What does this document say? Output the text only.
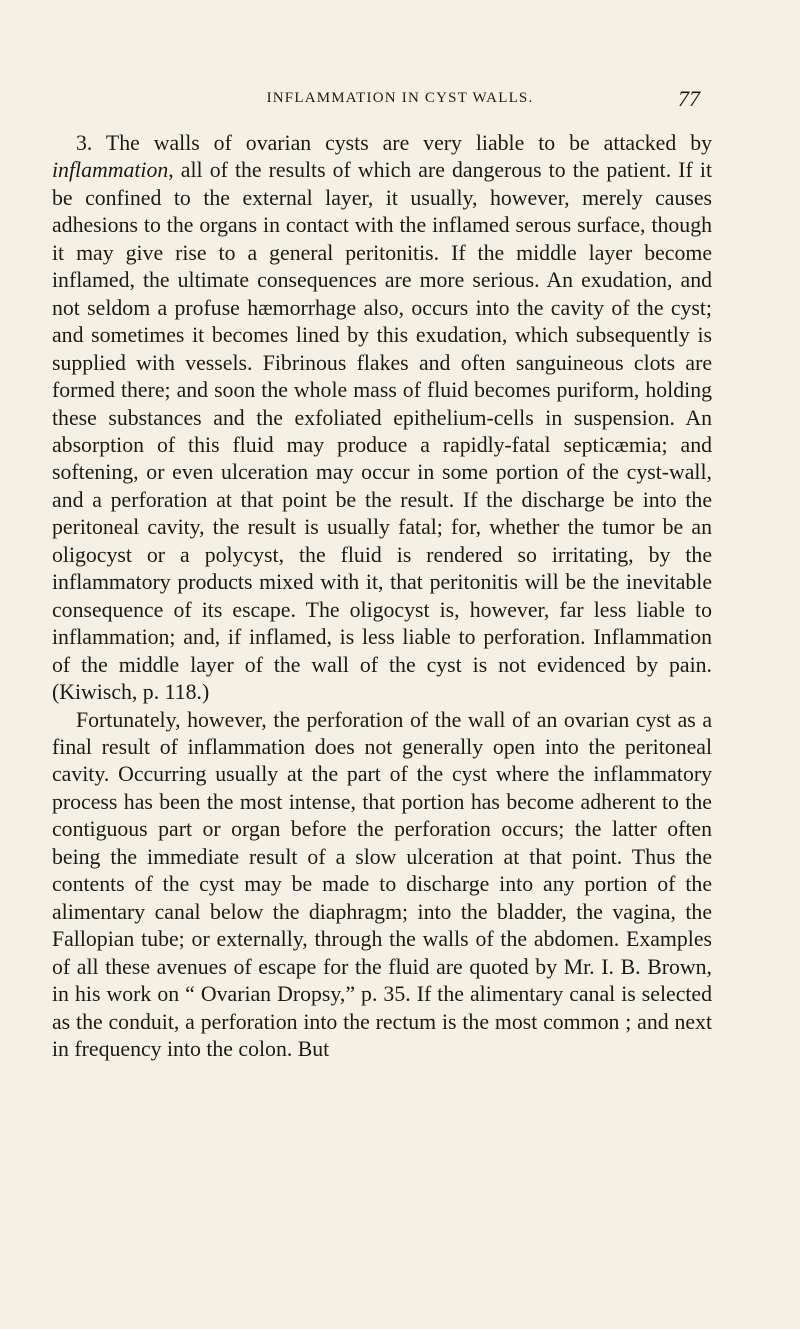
INFLAMMATION IN CYST WALLS.	77

3. The walls of ovarian cysts are very liable to be attacked by inflammation, all of the results of which are dangerous to the patient. If it be confined to the external layer, it usually, however, merely causes adhesions to the organs in contact with the inflamed serous surface, though it may give rise to a general peritonitis. If the middle layer become inflamed, the ultimate consequences are more serious. An exudation, and not seldom a profuse hæmorrhage also, occurs into the cavity of the cyst; and sometimes it becomes lined by this exudation, which subsequently is supplied with vessels. Fibrinous flakes and often sanguineous clots are formed there; and soon the whole mass of fluid becomes puriform, holding these substances and the exfoliated epithelium-cells in suspension. An absorption of this fluid may produce a rapidly-fatal septicæmia; and softening, or even ulceration may occur in some portion of the cyst-wall, and a perforation at that point be the result. If the discharge be into the peritoneal cavity, the result is usually fatal; for, whether the tumor be an oligocyst or a polycyst, the fluid is rendered so irritating, by the inflammatory products mixed with it, that peritonitis will be the inevitable consequence of its escape. The oligocyst is, however, far less liable to inflammation; and, if inflamed, is less liable to perforation. Inflammation of the middle layer of the wall of the cyst is not evidenced by pain. (Kiwisch, p. 118.)

Fortunately, however, the perforation of the wall of an ovarian cyst as a final result of inflammation does not generally open into the peritoneal cavity. Occurring usually at the part of the cyst where the inflammatory process has been the most intense, that portion has become adherent to the contiguous part or organ before the perforation occurs; the latter often being the immediate result of a slow ulceration at that point. Thus the contents of the cyst may be made to discharge into any portion of the alimentary canal below the diaphragm; into the bladder, the vagina, the Fallopian tube; or externally, through the walls of the abdomen. Examples of all these avenues of escape for the fluid are quoted by Mr. I. B. Brown, in his work on “ Ovarian Dropsy,” p. 35. If the alimentary canal is selected as the conduit, a perforation into the rectum is the most common ; and next in frequency into the colon. But
